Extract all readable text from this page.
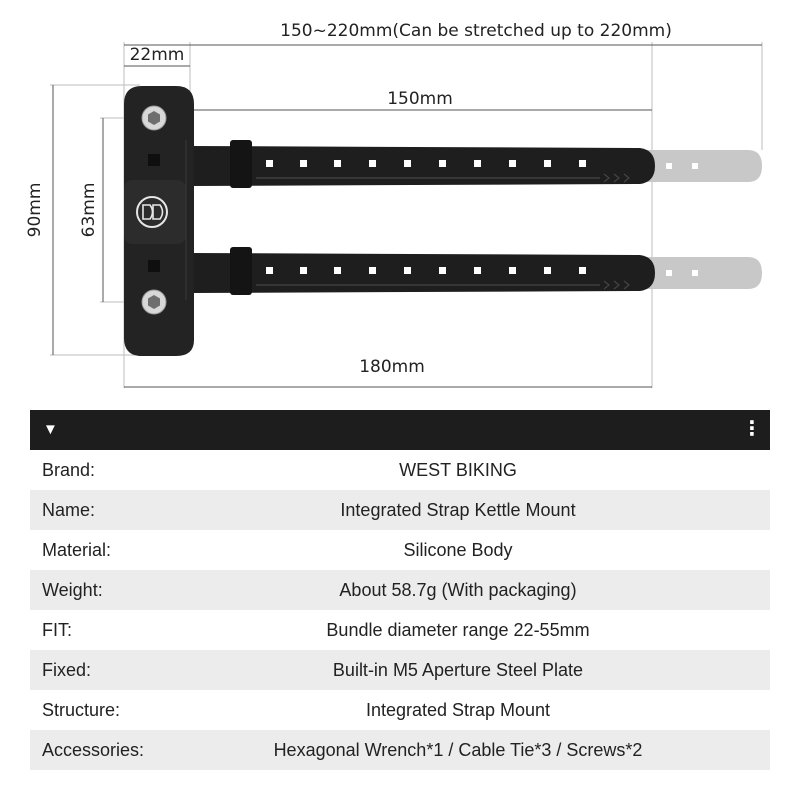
150~220mm(Can be stretched up to 220mm)
22mm
150mm
180mm
90mm 63mm
▼	⋮
Brand:	WEST BIKING
Name:	Integrated Strap Kettle Mount
Material:	Silicone Body
Weight:	About 58.7g (With packaging)
FIT:	Bundle diameter range 22-55mm
Fixed:	Built-in M5 Aperture Steel Plate
Structure:	Integrated Strap Mount
Accessories:	Hexagonal Wrench*1 / Cable Tie*3 / Screws*2
